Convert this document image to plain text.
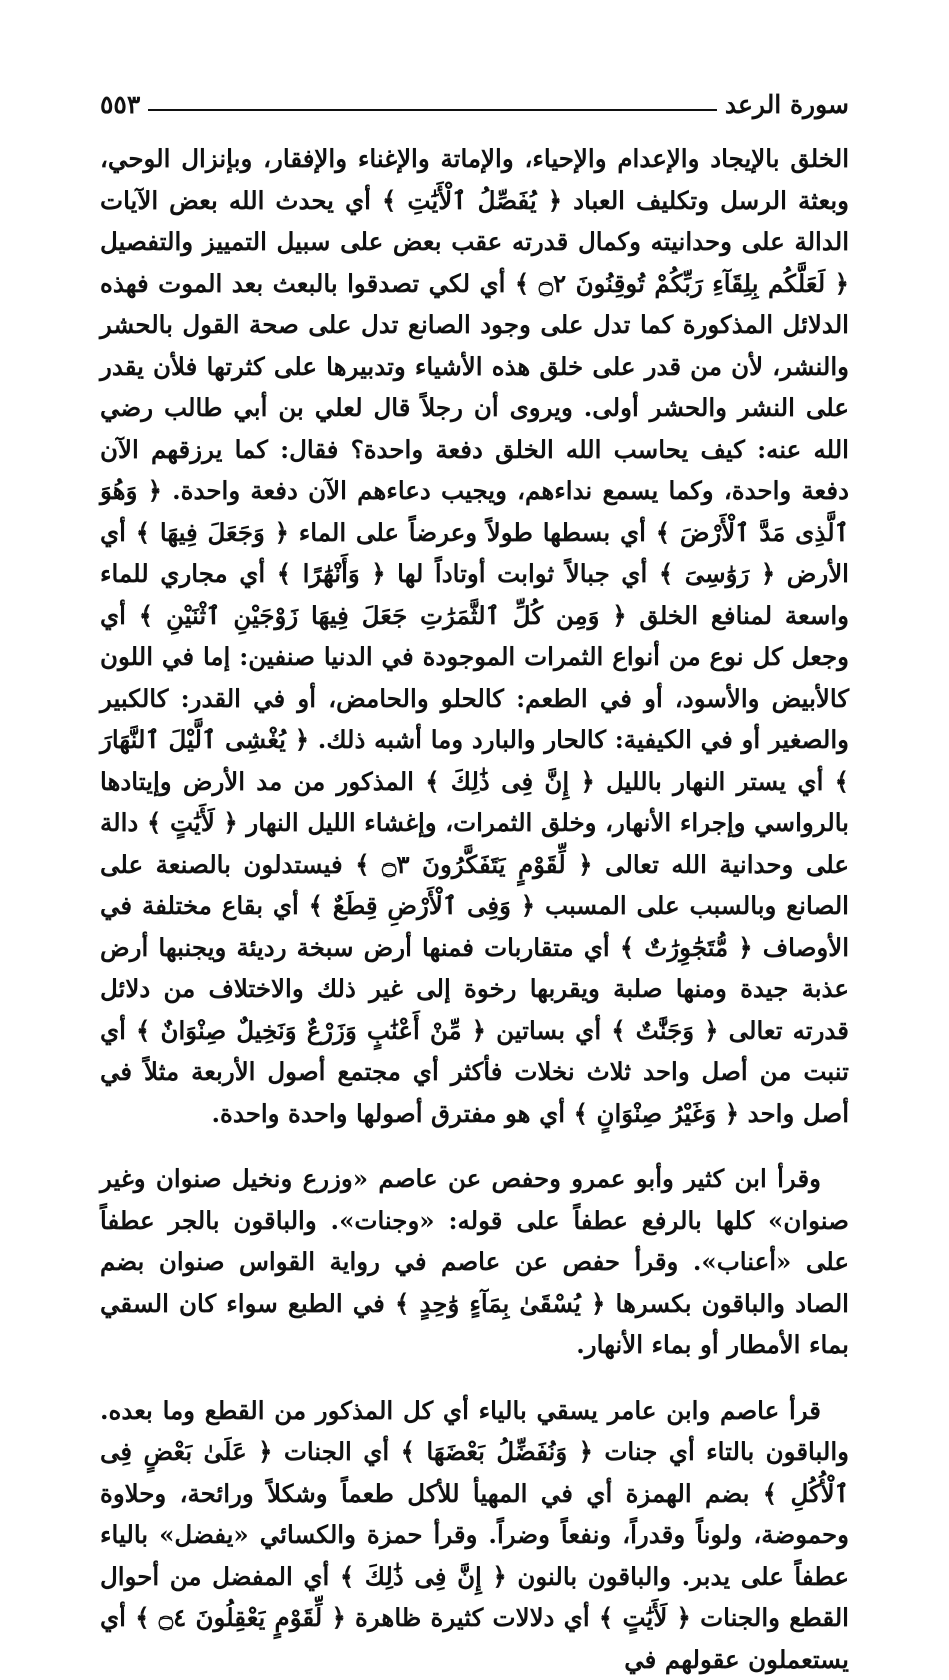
٥٥٣	سورة الرعد

الخلق بالإيجاد والإعدام والإحياء، والإماتة والإغناء والإفقار، وبإنزال الوحي، وبعثة الرسل وتكليف العباد ﴿ يُفَصِّلُ ٱلْأَيَٰتِ ﴾ أي يحدث الله بعض الآيات الدالة على وحدانيته وكمال قدرته عقب بعض على سبيل التمييز والتفصيل ﴿ لَعَلَّكُم بِلِقَآءِ رَبِّكُمْ تُوقِنُونَ ۝٢ ﴾ أي لكي تصدقوا بالبعث بعد الموت فهذه الدلائل المذكورة كما تدل على وجود الصانع تدل على صحة القول بالحشر والنشر، لأن من قدر على خلق هذه الأشياء وتدبيرها على كثرتها فلأن يقدر على النشر والحشر أولى. ويروى أن رجلاً قال لعلي بن أبي طالب رضي الله عنه: كيف يحاسب الله الخلق دفعة واحدة؟ فقال: كما يرزقهم الآن دفعة واحدة، وكما يسمع نداءهم، ويجيب دعاءهم الآن دفعة واحدة. ﴿ وَهُوَ ٱلَّذِى مَدَّ ٱلْأَرْضَ ﴾ أي بسطها طولاً وعرضاً على الماء ﴿ وَجَعَلَ فِيهَا ﴾ أي الأرض ﴿ رَوَٰسِىَ ﴾ أي جبالاً ثوابت أوتاداً لها ﴿ وَأَنْهَٰرًا ﴾ أي مجاري للماء واسعة لمنافع الخلق ﴿ وَمِن كُلِّ ٱلثَّمَرَٰتِ جَعَلَ فِيهَا زَوْجَيْنِ ٱثْنَيْنِ ﴾ أي وجعل كل نوع من أنواع الثمرات الموجودة في الدنيا صنفين: إما في اللون كالأبيض والأسود، أو في الطعم: كالحلو والحامض، أو في القدر: كالكبير والصغير أو في الكيفية: كالحار والبارد وما أشبه ذلك. ﴿ يُغْشِى ٱلَّيْلَ ٱلنَّهَارَ ﴾ أي يستر النهار بالليل ﴿ إِنَّ فِى ذَٰلِكَ ﴾ المذكور من مد الأرض وإيتادها بالرواسي وإجراء الأنهار، وخلق الثمرات، وإغشاء الليل النهار ﴿ لَأَيَٰتٍ ﴾ دالة على وحدانية الله تعالى ﴿ لِّقَوْمٍ يَتَفَكَّرُونَ ۝٣ ﴾ فيستدلون بالصنعة على الصانع وبالسبب على المسبب ﴿ وَفِى ٱلْأَرْضِ قِطَعٌ ﴾ أي بقاع مختلفة في الأوصاف ﴿ مُّتَجَٰوِرَٰتٌ ﴾ أي متقاربات فمنها أرض سبخة رديئة ويجنبها أرض عذبة جيدة ومنها صلبة ويقربها رخوة إلى غير ذلك والاختلاف من دلائل قدرته تعالى ﴿ وَجَنَّٰتٌ ﴾ أي بساتين ﴿ مِّنْ أَعْنَٰبٍ وَزَرْعٌ وَنَخِيلٌ صِنْوَانٌ ﴾ أي تنبت من أصل واحد ثلاث نخلات فأكثر أي مجتمع أصول الأربعة مثلاً في أصل واحد ﴿ وَغَيْرُ صِنْوَانٍ ﴾ أي هو مفترق أصولها واحدة واحدة.

وقرأ ابن كثير وأبو عمرو وحفص عن عاصم «وزرع ونخيل صنوان وغير صنوان» كلها بالرفع عطفاً على قوله: «وجنات». والباقون بالجر عطفاً على «أعناب». وقرأ حفص عن عاصم في رواية القواس صنوان بضم الصاد والباقون بكسرها ﴿ يُسْقَىٰ بِمَآءٍ وَٰحِدٍ ﴾ في الطبع سواء كان السقي بماء الأمطار أو بماء الأنهار.

قرأ عاصم وابن عامر يسقي بالياء أي كل المذكور من القطع وما بعده. والباقون بالتاء أي جنات ﴿ وَنُفَضِّلُ بَعْضَهَا ﴾ أي الجنات ﴿ عَلَىٰ بَعْضٍ فِى ٱلْأُكُلِ ﴾ بضم الهمزة أي في المهيأ للأكل طعماً وشكلاً ورائحة، وحلاوة وحموضة، ولوناً وقدراً، ونفعاً وضراً. وقرأ حمزة والكسائي «يفضل» بالياء عطفاً على يدبر. والباقون بالنون ﴿ إِنَّ فِى ذَٰلِكَ ﴾ أي المفضل من أحوال القطع والجنات ﴿ لَأَيَٰتٍ ﴾ أي دلالات كثيرة ظاهرة ﴿ لِّقَوْمٍ يَعْقِلُونَ ۝٤ ﴾ أي يستعملون عقولهم في
